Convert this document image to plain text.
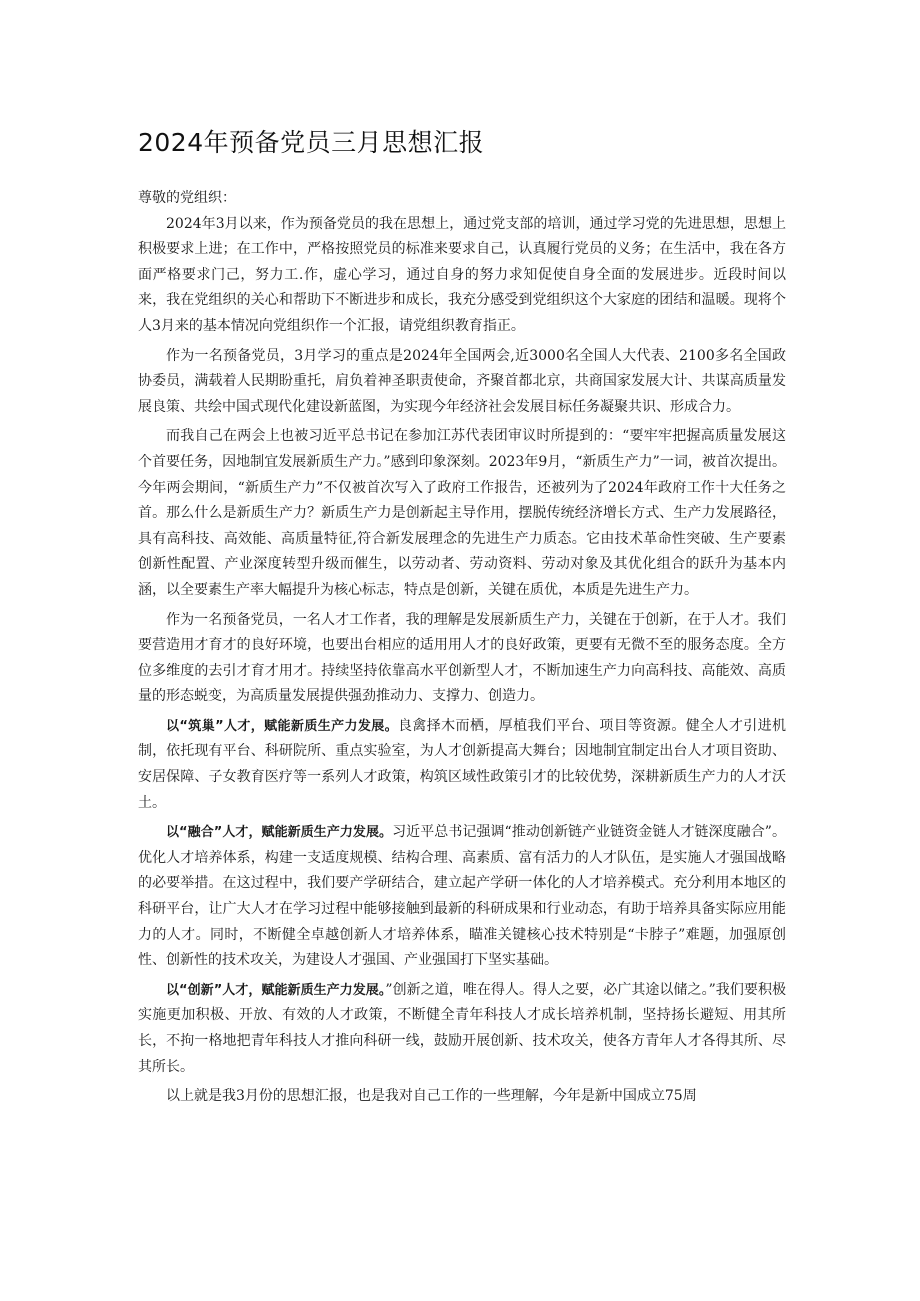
2024年预备党员三月思想汇报

尊敬的党组织：

2024年3月以来，作为预备党员的我在思想上，通过党支部的培训，通过学习党的先进思想，思想上积极要求上进；在工作中，严格按照党员的标准来要求自己，认真履行党员的义务；在生活中，我在各方面严格要求门己，努力工.作，虚心学习，通过自身的努力求知促使自身全面的发展进步。近段时间以来，我在党组织的关心和帮助下不断进步和成长，我充分感受到党组织这个大家庭的团结和温暖。现将个人3月来的基本情况向党组织作一个汇报，请党组织教育指正。

作为一名预备党员，3月学习的重点是2024年全国两会,近3000名全国人大代表、2100多名全国政协委员，满载着人民期盼重托，肩负着神圣职责使命，齐聚首都北京，共商国家发展大计、共谋高质量发展良策、共绘中国式现代化建设新蓝图，为实现今年经济社会发展目标任务凝聚共识、形成合力。

而我自己在两会上也被习近平总书记在参加江苏代表团审议时所提到的：“要牢牢把握高质量发展这个首要任务，因地制宜发展新质生产力。”感到印象深刻。2023年9月，“新质生产力”一词，被首次提出。今年两会期间，“新质生产力”不仅被首次写入了政府工作报告，还被列为了2024年政府工作十大任务之首。那么什么是新质生产力？新质生产力是创新起主导作用，摆脱传统经济增长方式、生产力发展路径，具有高科技、高效能、高质量特征,符合新发展理念的先进生产力质态。它由技术革命性突破、生产要素创新性配置、产业深度转型升级而催生，以劳动者、劳动资料、劳动对象及其优化组合的跃升为基本内涵，以全要素生产率大幅提升为核心标志，特点是创新，关键在质优，本质是先进生产力。

作为一名预备党员，一名人才工作者，我的理解是发展新质生产力，关键在于创新，在于人才。我们要营造用才育才的良好环境，也要出台相应的适用用人才的良好政策，更要有无微不至的服务态度。全方位多维度的去引才育才用才。持续坚持依靠高水平创新型人才，不断加速生产力向高科技、高能效、高质量的形态蜕变，为高质量发展提供强劲推动力、支撑力、创造力。

以“筑巢”人才，赋能新质生产力发展。良禽择木而栖，厚植我们平台、项目等资源。健全人才引进机制，依托现有平台、科研院所、重点实验室，为人才创新提高大舞台；因地制宜制定出台人才项目资助、安居保障、子女教育医疗等一系列人才政策，构筑区域性政策引才的比较优势，深耕新质生产力的人才沃土。

以“融合”人才，赋能新质生产力发展。习近平总书记强调“推动创新链产业链资金链人才链深度融合”。优化人才培养体系，构建一支适度规模、结构合理、高素质、富有活力的人才队伍，是实施人才强国战略的必要举措。在这过程中，我们要产学研结合，建立起产学研一体化的人才培养模式。充分利用本地区的科研平台，让广大人才在学习过程中能够接触到最新的科研成果和行业动态，有助于培养具备实际应用能力的人才。同时，不断健全卓越创新人才培养体系，瞄准关键核心技术特别是“卡脖子”难题，加强原创性、创新性的技术攻关，为建设人才强国、产业强国打下坚实基础。

以“创新”人才，赋能新质生产力发展。”创新之道，唯在得人。得人之要，必广其途以储之。”我们要积极实施更加积极、开放、有效的人才政策，不断健全青年科技人才成长培养机制，坚持扬长避短、用其所长，不拘一格地把青年科技人才推向科研一线，鼓励开展创新、技术攻关，使各方青年人才各得其所、尽其所长。

以上就是我3月份的思想汇报，也是我对自己工作的一些理解，今年是新中国成立75周
